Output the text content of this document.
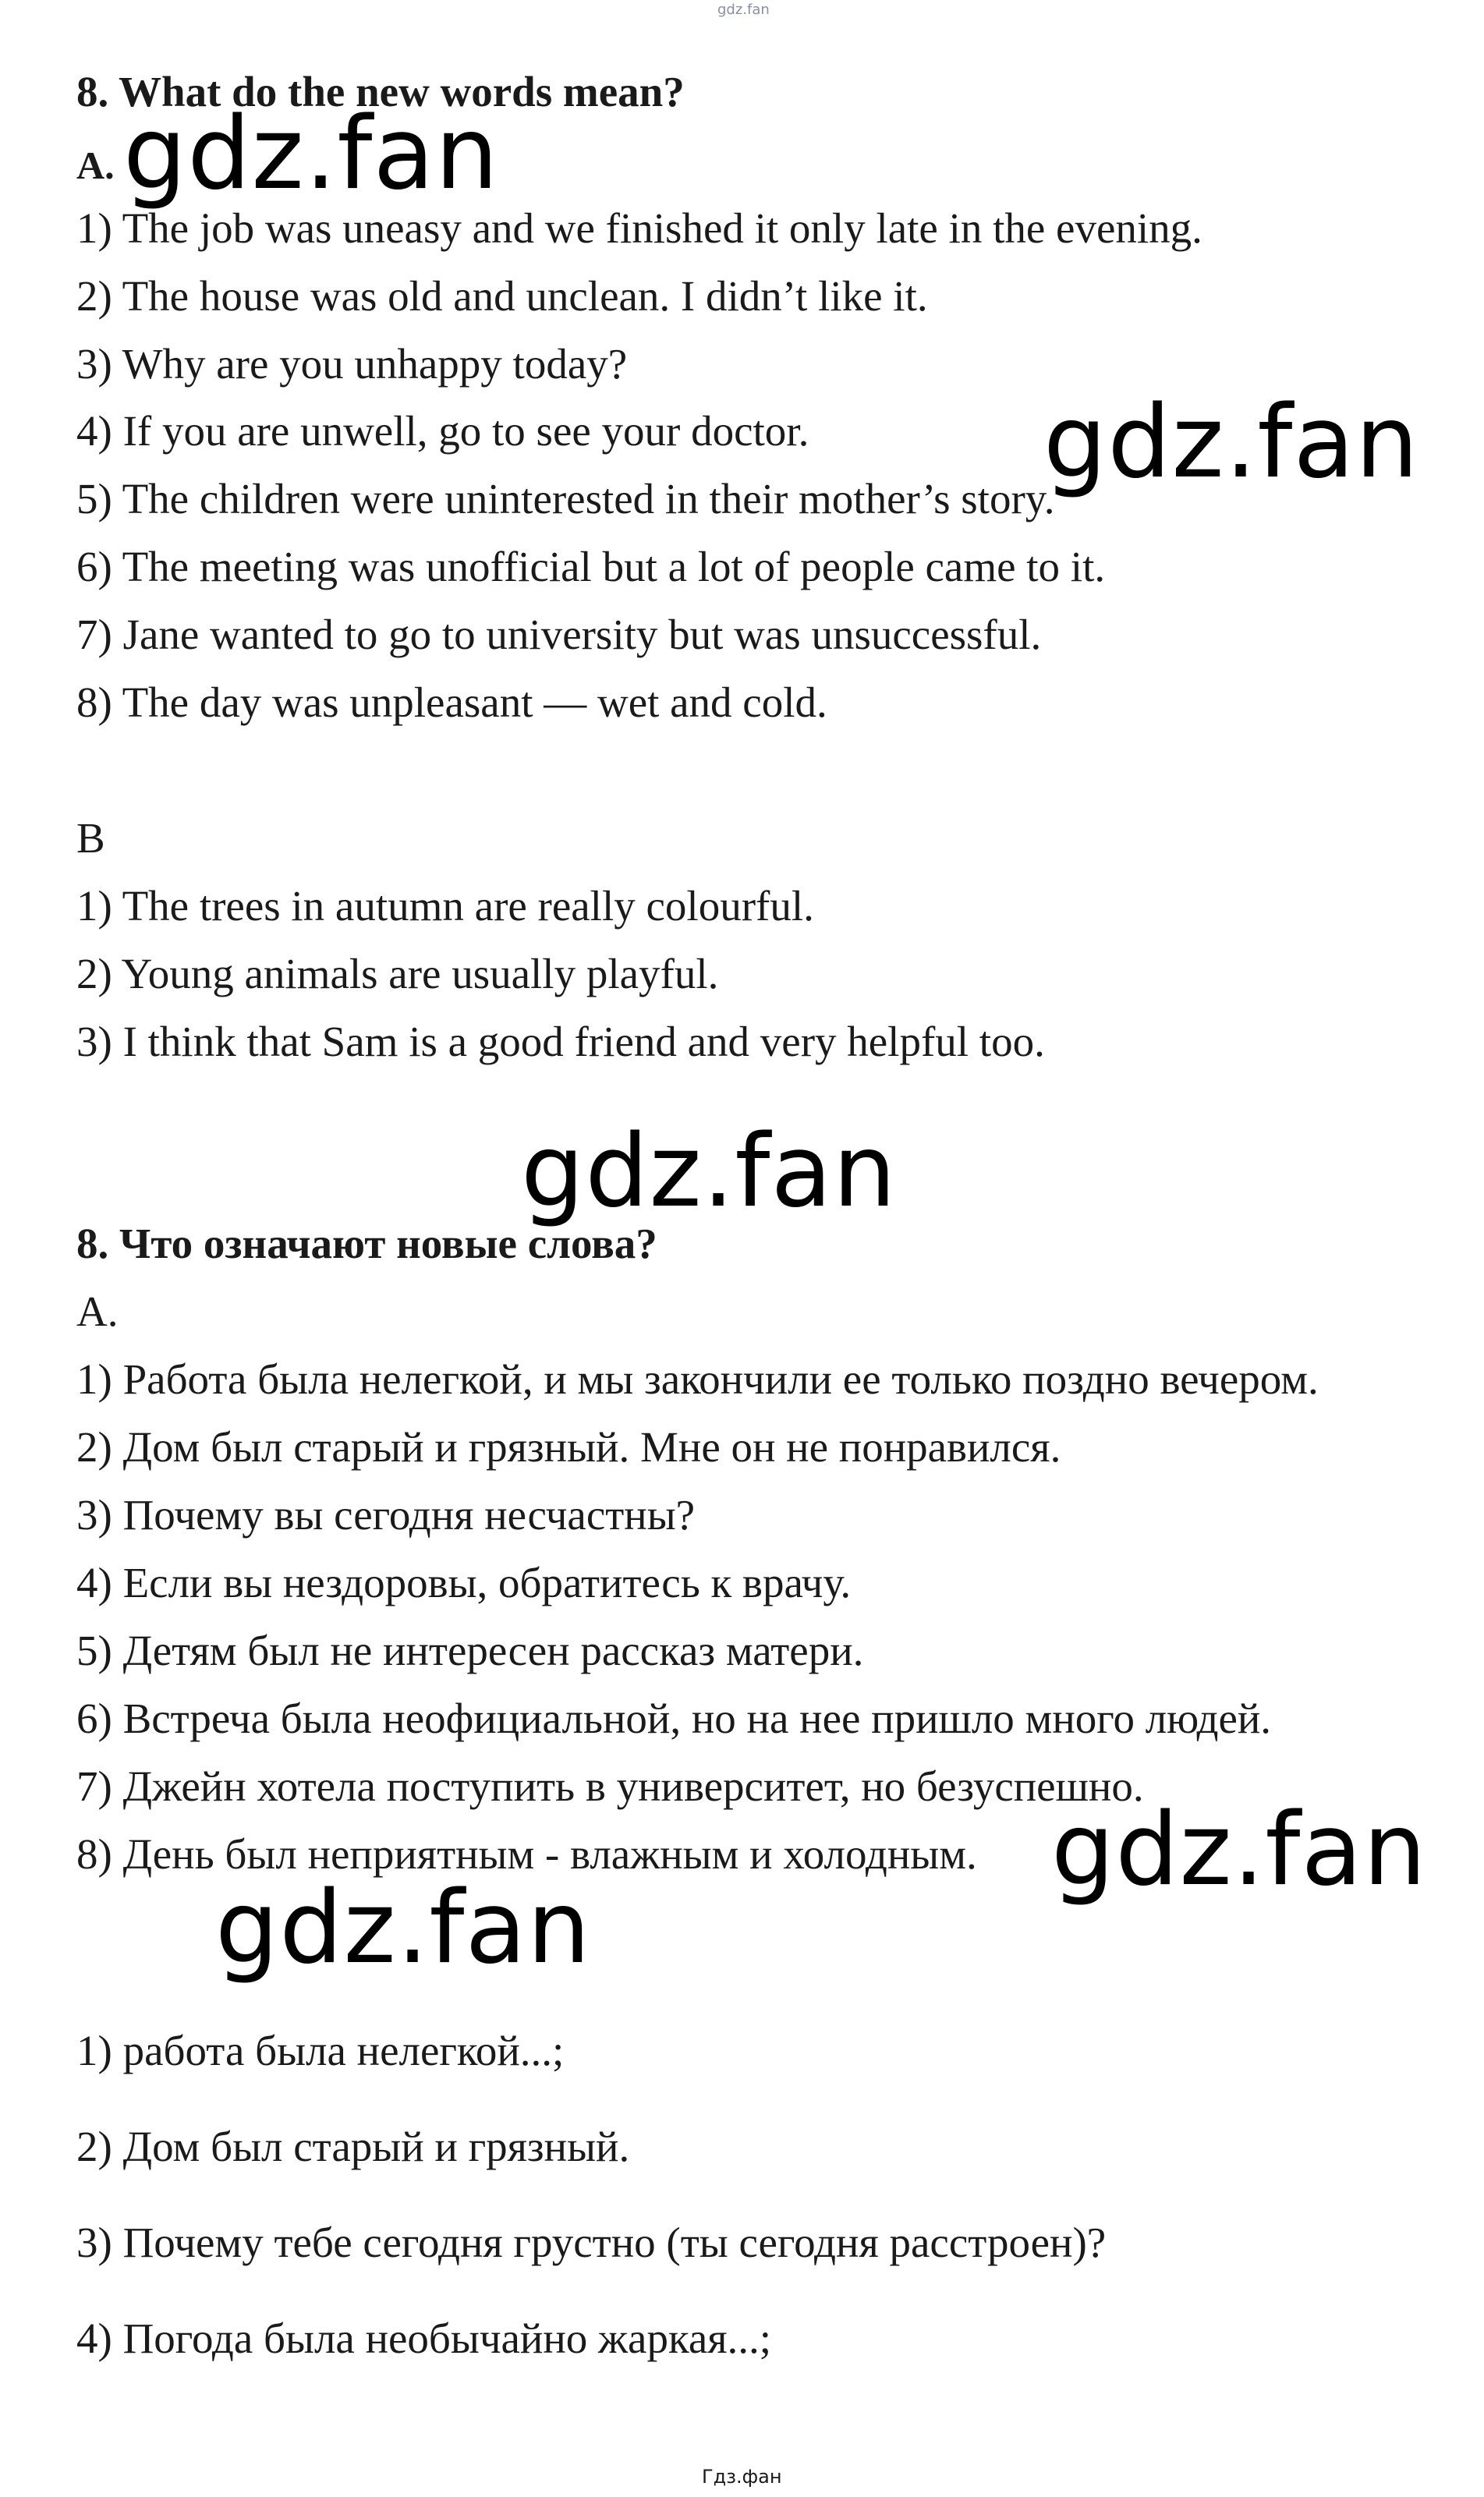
gdz.fan
8. What do the new words mean?
A.
1) The job was uneasy and we finished it only late in the evening.
2) The house was old and unclean. I didn’t like it.
3) Why are you unhappy today?
4) If you are unwell, go to see your doctor.
5) The children were uninterested in their mother’s story.
6) The meeting was unofficial but a lot of people came to it.
7) Jane wanted to go to university but was unsuccessful.
8) The day was unpleasant — wet and cold.
B
1) The trees in autumn are really colourful.
2) Young animals are usually playful.
3) I think that Sam is a good friend and very helpful too.
8. Что означают новые слова?
A.
1) Работа была нелегкой, и мы закончили ее только поздно вечером.
2) Дом был старый и грязный. Мне он не понравился.
3) Почему вы сегодня несчастны?
4) Если вы нездоровы, обратитесь к врачу.
5) Детям был не интересен рассказ матери.
6) Встреча была неофициальной, но на нее пришло много людей.
7) Джейн хотела поступить в университет, но безуспешно.
8) День был неприятным - влажным и холодным.
1) работа была нелегкой...;
2) Дом был старый и грязный.
3) Почему тебе сегодня грустно (ты сегодня расстроен)?
4) Погода была необычайно жаркая...;
gdz.fan
gdz.fan
gdz.fan
gdz.fan
gdz.fan
Гдз.фан
